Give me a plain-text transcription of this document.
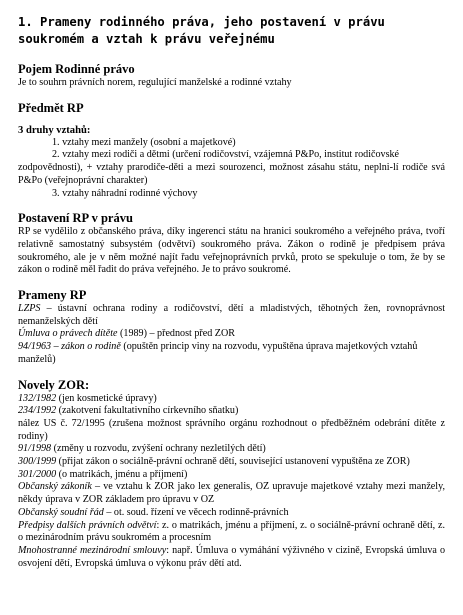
1. Prameny rodinného práva, jeho postavení v právu soukromém a vztah k právu veřejnému
Pojem Rodinné právo

Je to souhrn právních norem, regulující manželské a rodinné vztahy

Předmět RP
3 druhy vztahů:

1. vztahy mezi manžely (osobní a majetkové)

2. vztahy mezi rodiči a dětmi (určení rodičovství, vzájemná P&Po, institut rodičovské

zodpovědnosti), + vztahy prarodiče-děti a mezi sourozenci, možnost zásahu státu, neplni-lí rodiče svá P&Po (veřejnoprávní charakter)

3. vztahy náhradní rodinné výchovy

Postavení RP v právu

RP se vydělilo z občanského práva, díky ingerenci státu na hranici soukromého a veřejného práva, tvoří relativně samostatný subsystém (odvětví) soukromého práva. Zákon o rodině je předpisem práva soukromého, ale je v něm možné najít řadu veřejnoprávních prvků, proto se spekuluje o tom, že by se zákon o rodině měl řadit do práva veřejného. Je to právo soukromé.

Prameny RP

LZPS – ústavní ochrana rodiny a rodičovství, dětí a mladistvých, těhotných žen, rovnoprávnost nemanželských dětí

Úmluva o právech dítěte (1989) – přednost před ZOR

94/1963 – zákon o rodině (opuštěn princip viny na rozvodu, vypuštěna úprava majetkových vztahů manželů)

Novely ZOR:

132/1982 (jen kosmetické úpravy)

234/1992 (zakotvení fakultativního církevního sňatku)

nález US č. 72/1995 (zrušena možnost správního orgánu rozhodnout o předběžném odebrání dítěte z rodiny)

91/1998 (změny u rozvodu, zvýšení ochrany nezletilých dětí)

300/1999 (přijat zákon o sociálně-právní ochraně dětí, související ustanovení vypuštěna ze ZOR)

301/2000 (o matrikách, jménu a příjmení)

Občanský zákoník – ve vztahu k ZOR jako lex generalis, OZ upravuje majetkové vztahy mezi manžely, někdy úprava v ZOR základem pro úpravu v OZ

Občanský soudní řád – ot. soud. řízení ve věcech rodinně-právních

Předpisy dalších právních odvětví: z. o matrikách, jménu a příjmení, z. o sociálně-právní ochraně dětí, z. o mezinárodním právu soukromém a procesním

Mnohostranné mezinárodní smlouvy: např. Úmluva o vymáhání výživného v cizině, Evropská úmluva o osvojení dětí, Evropská úmluva o výkonu práv dětí atd.
